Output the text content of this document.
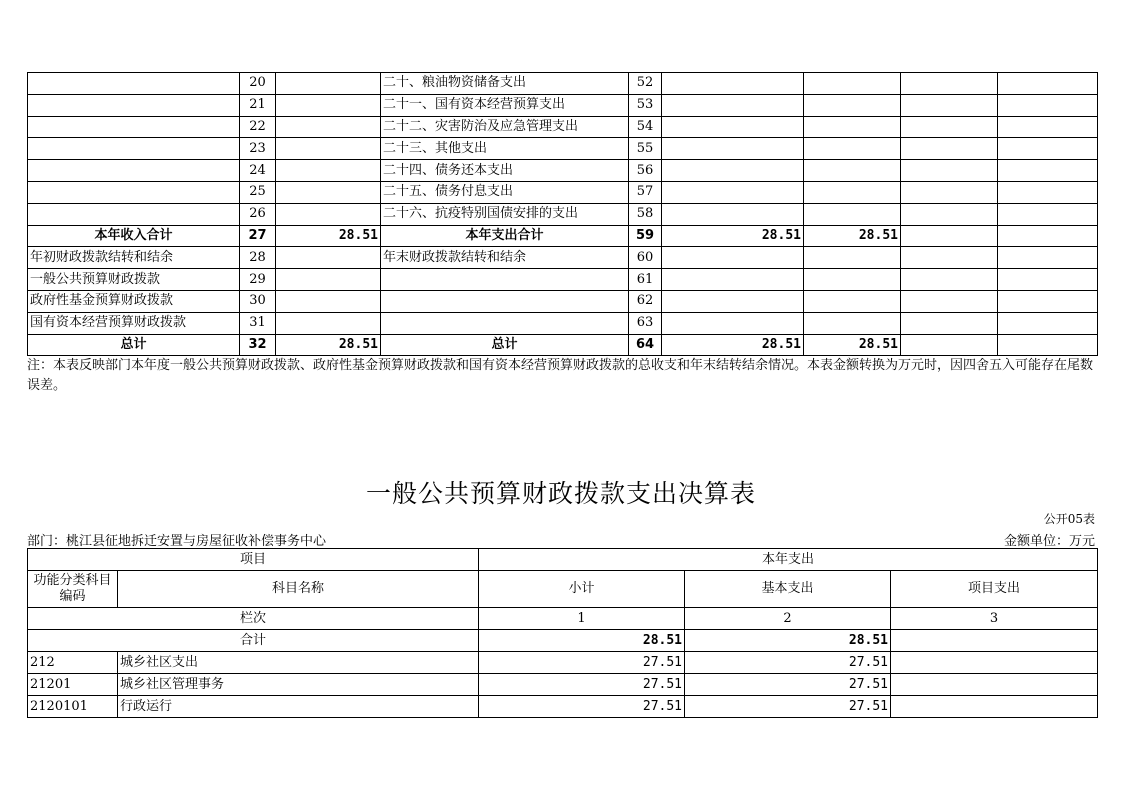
	20		二十、粮油物资储备支出	52				
	21		二十一、国有资本经营预算支出	53				
	22		二十二、灾害防治及应急管理支出	54				
	23		二十三、其他支出	55				
	24		二十四、债务还本支出	56				
	25		二十五、债务付息支出	57				
	26		二十六、抗疫特别国债安排的支出	58				
本年收入合计	27	28.51	本年支出合计	59	28.51	28.51		
年初财政拨款结转和结余	28		年末财政拨款结转和结余	60				
一般公共预算财政拨款	29			61				
政府性基金预算财政拨款	30			62				
国有资本经营预算财政拨款	31			63				
总计	32	28.51	总计	64	28.51	28.51		
注：本表反映部门本年度一般公共预算财政拨款、政府性基金预算财政拨款和国有资本经营预算财政拨款的总收支和年末结转结余情况。本表金额转换为万元时，因四舍五入可能存在尾数误差。
一般公共预算财政拨款支出决算表
公开05表
部门：桃江县征地拆迁安置与房屋征收补偿事务中心	金额单位：万元
项目		本年支出		
功能分类科目编码	科目名称	小计	基本支出	项目支出
栏次		1	2	3
合计		28.51	28.51	
212	城乡社区支出	27.51	27.51	
21201	城乡社区管理事务	27.51	27.51	
2120101	行政运行	27.51	27.51	
